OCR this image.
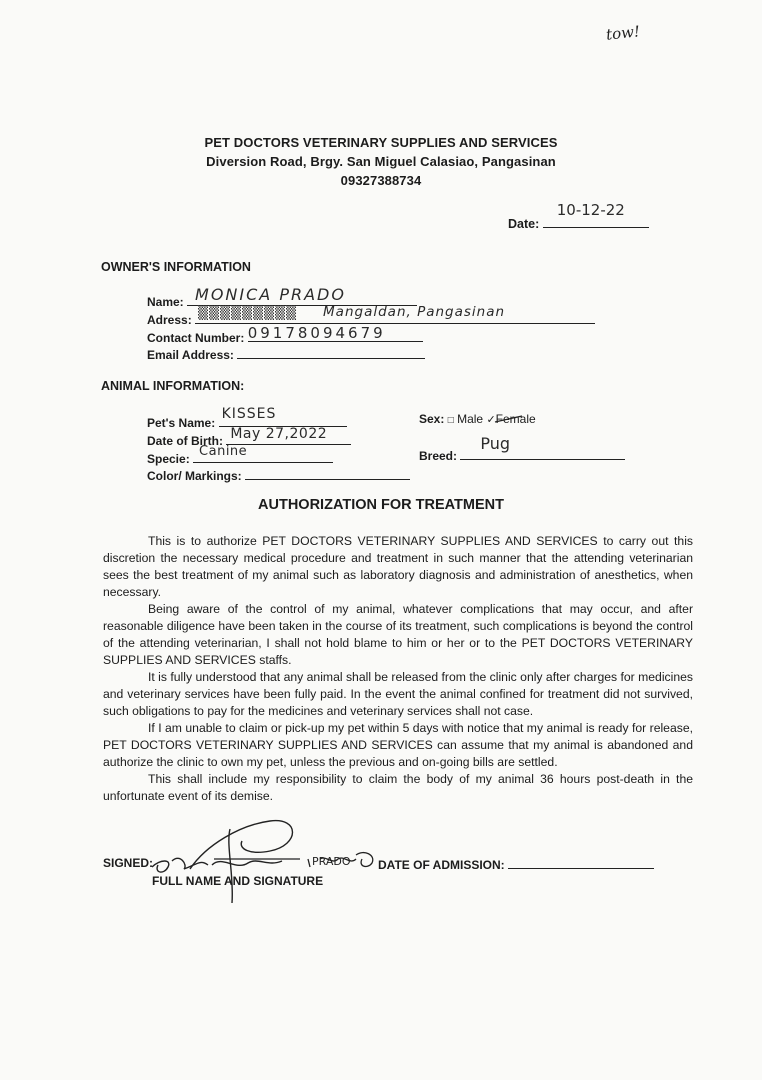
tow!
PET DOCTORS VETERINARY SUPPLIES AND SERVICES
Diversion Road, Brgy. San Miguel Calasiao, Pangasinan
09327388734
Date:
10-12-22
OWNER'S INFORMATION
Name: MONICA PRADO
Adress: ▒▒▒▒▒▒▒▒▒ Mangaldan, Pangasinan
Contact Number: 09178094679
Email Address:
ANIMAL INFORMATION:
Pet's Name:
KISSES
Date of Birth: May 27,2022
Specie: Canine
Color/ Markings:
Sex: □ Male ✓Female
Breed:
Pug
AUTHORIZATION FOR TREATMENT

This is to authorize PET DOCTORS VETERINARY SUPPLIES AND SERVICES to carry out this discretion the necessary medical procedure and treatment in such manner that the attending veterinarian sees the best treatment of my animal such as laboratory diagnosis and administration of anesthetics, when necessary.

Being aware of the control of my animal, whatever complications that may occur, and after reasonable diligence have been taken in the course of its treatment, such complications is beyond the control of the attending veterinarian, I shall not hold blame to him or her or to the PET DOCTORS VETERINARY SUPPLIES AND SERVICES staffs.

It is fully understood that any animal shall be released from the clinic only after charges for medicines and veterinary services have been fully paid. In the event the animal confined for treatment did not survived, such obligations to pay for the medicines and veterinary services shall not case.

If I am unable to claim or pick-up my pet within 5 days with notice that my animal is ready for release, PET DOCTORS VETERINARY SUPPLIES AND SERVICES can assume that my animal is abandoned and authorize the clinic to own my pet, unless the previous and on-going bills are settled.

This shall include my responsibility to claim the body of my animal 36 hours post-death in the unfortunate event of its demise.

PRADO
SIGNED:
FULL NAME AND SIGNATURE
DATE OF ADMISSION:
